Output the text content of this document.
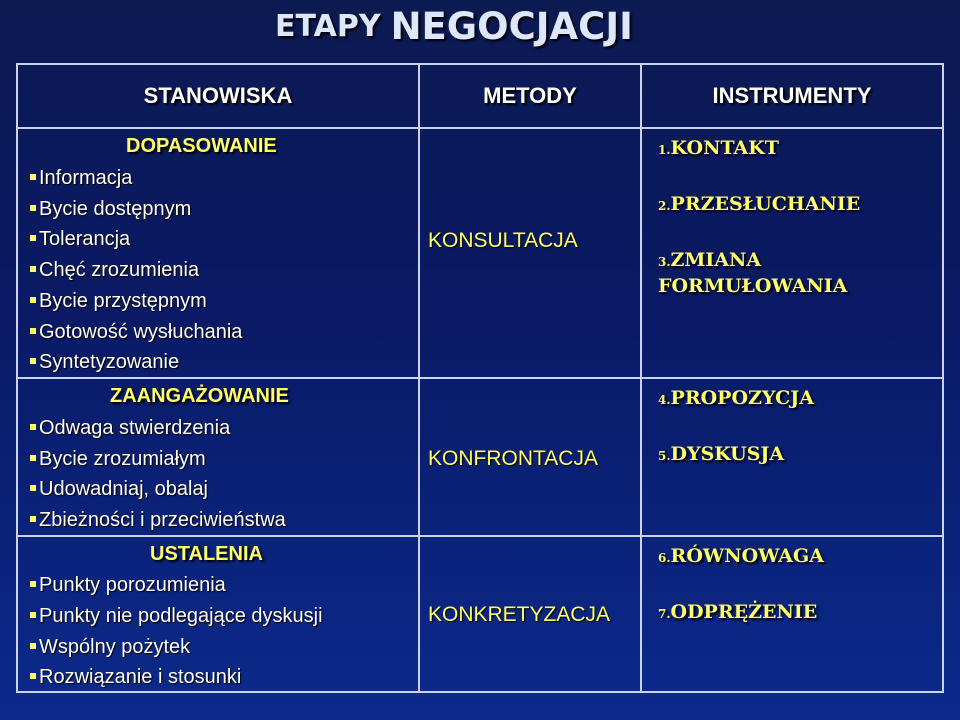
ETAPY NEGOCJACJI
STANOWISKA	METODY	INSTRUMENTY
DOPASOWANIE
Informacja
Bycie dostępnym
Tolerancja
Chęć zrozumienia
Bycie przystępnym
Gotowość wysłuchania
Syntetyzowanie
KONSULTACJA
ZAANGAŻOWANIE
Odwaga stwierdzenia
Bycie zrozumiałym
Udowadniaj, obalaj
Zbieżności i przeciwieństwa
KONFRONTACJA
USTALENIA
Punkty porozumienia
Punkty nie podlegające dyskusji
Wspólny pożytek
Rozwiązanie i stosunki
KONKRETYZACJA
1.KONTAKT
2.PRZESŁUCHANIE
3.ZMIANA
FORMUŁOWANIA
4.PROPOZYCJA
5.DYSKUSJA
6.RÓWNOWAGA
7.ODPRĘŻENIE
